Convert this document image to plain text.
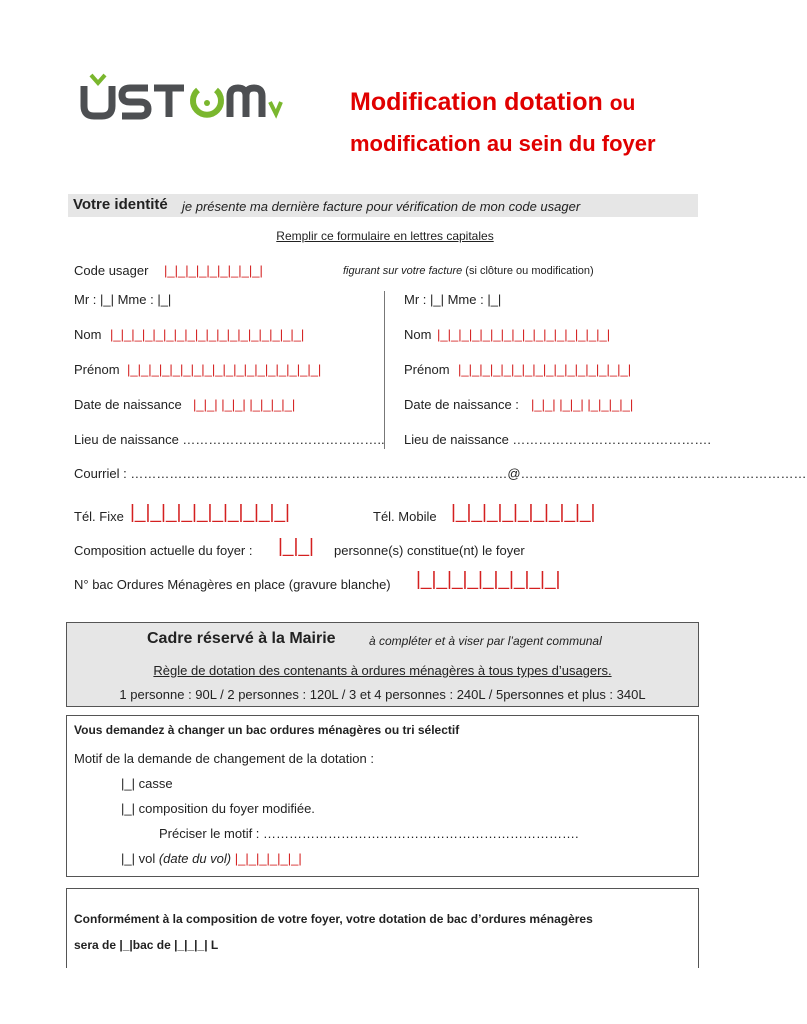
Modification dotation ou
modification au sein du foyer
Votre identité je présente ma dernière facture pour vérification de mon code usager
Remplir ce formulaire en lettres capitales
Code usager |_|_|_|_|_|_|_|_|_|	figurant sur votre facture (si clôture ou modification)
Mr : |_| Mme : |_|	Mr : |_| Mme : |_|
Nom |_|_|_|_|_|_|_|_|_|_|_|_|_|_|_|_|_|_|	Nom |_|_|_|_|_|_|_|_|_|_|_|_|_|_|_|_|
Prénom |_|_|_|_|_|_|_|_|_|_|_|_|_|_|_|_|_|_|	Prénom |_|_|_|_|_|_|_|_|_|_|_|_|_|_|_|_|
Date de naissance |_|_| |_|_| |_|_|_|_|	Date de naissance : |_|_| |_|_| |_|_|_|_|
Lieu de naissance ……………………………………….. Lieu de naissance ……………………………………….
Courriel : ……………………………………………………………………………@…………………………………………………………
Tél. Fixe |_|_|_|_|_|_|_|_|_|_|	Tél. Mobile |_|_|_|_|_|_|_|_|_|
Composition actuelle du foyer : |_|_| personne(s) constitue(nt) le foyer
N° bac Ordures Ménagères en place (gravure blanche) |_|_|_|_|_|_|_|_|_|
Cadre réservé à la Mairie	à compléter et à viser par l’agent communal
Règle de dotation des contenants à ordures ménagères à tous types d’usagers.
1 personne : 90L / 2 personnes : 120L / 3 et 4 personnes : 240L / 5personnes et plus : 340L
Vous demandez à changer un bac ordures ménagères ou tri sélectif
Motif de la demande de changement de la dotation :
|_| casse
|_| composition du foyer modifiée.
Préciser le motif : ……………………………………………………………….
|_| vol (date du vol) |_|_|_|_|_|_|
Conformément à la composition de votre foyer, votre dotation de bac d’ordures ménagères
sera de |_|bac de |_|_|_| L
